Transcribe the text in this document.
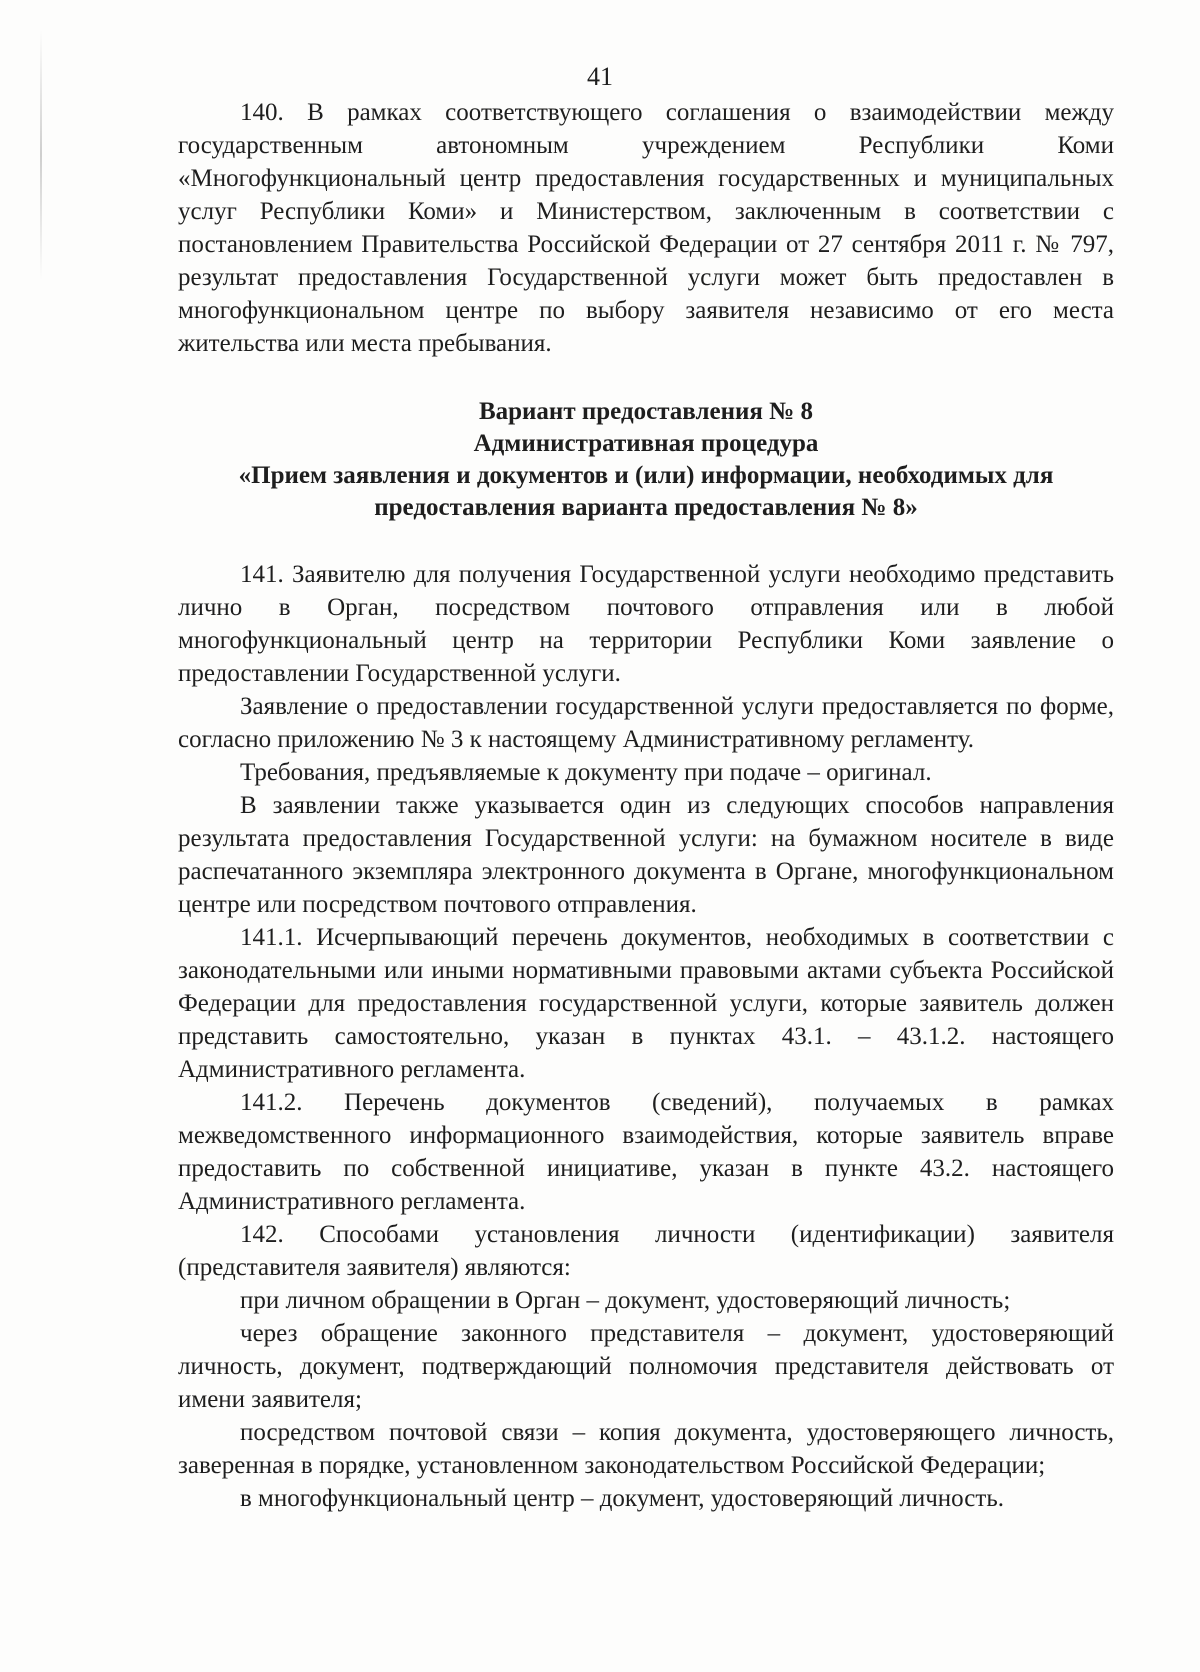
41

140. В рамках соответствующего соглашения о взаимодействии между государственным автономным учреждением Республики Коми «Многофункциональный центр предоставления государственных и муниципальных услуг Республики Коми» и Министерством, заключенным в соответствии с постановлением Правительства Российской Федерации от 27 сентября 2011 г. № 797, результат предоставления Государственной услуги может быть предоставлен в многофункциональном центре по выбору заявителя независимо от его места жительства или места пребывания.

Вариант предоставления № 8
Административная процедура
«Прием заявления и документов и (или) информации, необходимых для
предоставления варианта предоставления № 8»

141. Заявителю для получения Государственной услуги необходимо представить лично в Орган, посредством почтового отправления или в любой многофункциональный центр на территории Республики Коми заявление о предоставлении Государственной услуги.

Заявление о предоставлении государственной услуги предоставляется по форме, согласно приложению № 3 к настоящему Административному регламенту.

Требования, предъявляемые к документу при подаче – оригинал.

В заявлении также указывается один из следующих способов направления результата предоставления Государственной услуги: на бумажном носителе в виде распечатанного экземпляра электронного документа в Органе, многофункциональном центре или посредством почтового отправления.

141.1. Исчерпывающий перечень документов, необходимых в соответствии с законодательными или иными нормативными правовыми актами субъекта Российской Федерации для предоставления государственной услуги, которые заявитель должен представить самостоятельно, указан в пунктах 43.1. – 43.1.2. настоящего Административного регламента.

141.2. Перечень документов (сведений), получаемых в рамках межведомственного информационного взаимодействия, которые заявитель вправе предоставить по собственной инициативе, указан в пункте 43.2. настоящего Административного регламента.

142. Способами установления личности (идентификации) заявителя (представителя заявителя) являются:

при личном обращении в Орган – документ, удостоверяющий личность;

через обращение законного представителя – документ, удостоверяющий личность, документ, подтверждающий полномочия представителя действовать от имени заявителя;

посредством почтовой связи – копия документа, удостоверяющего личность, заверенная в порядке, установленном законодательством Российской Федерации;

в многофункциональный центр – документ, удостоверяющий личность.
